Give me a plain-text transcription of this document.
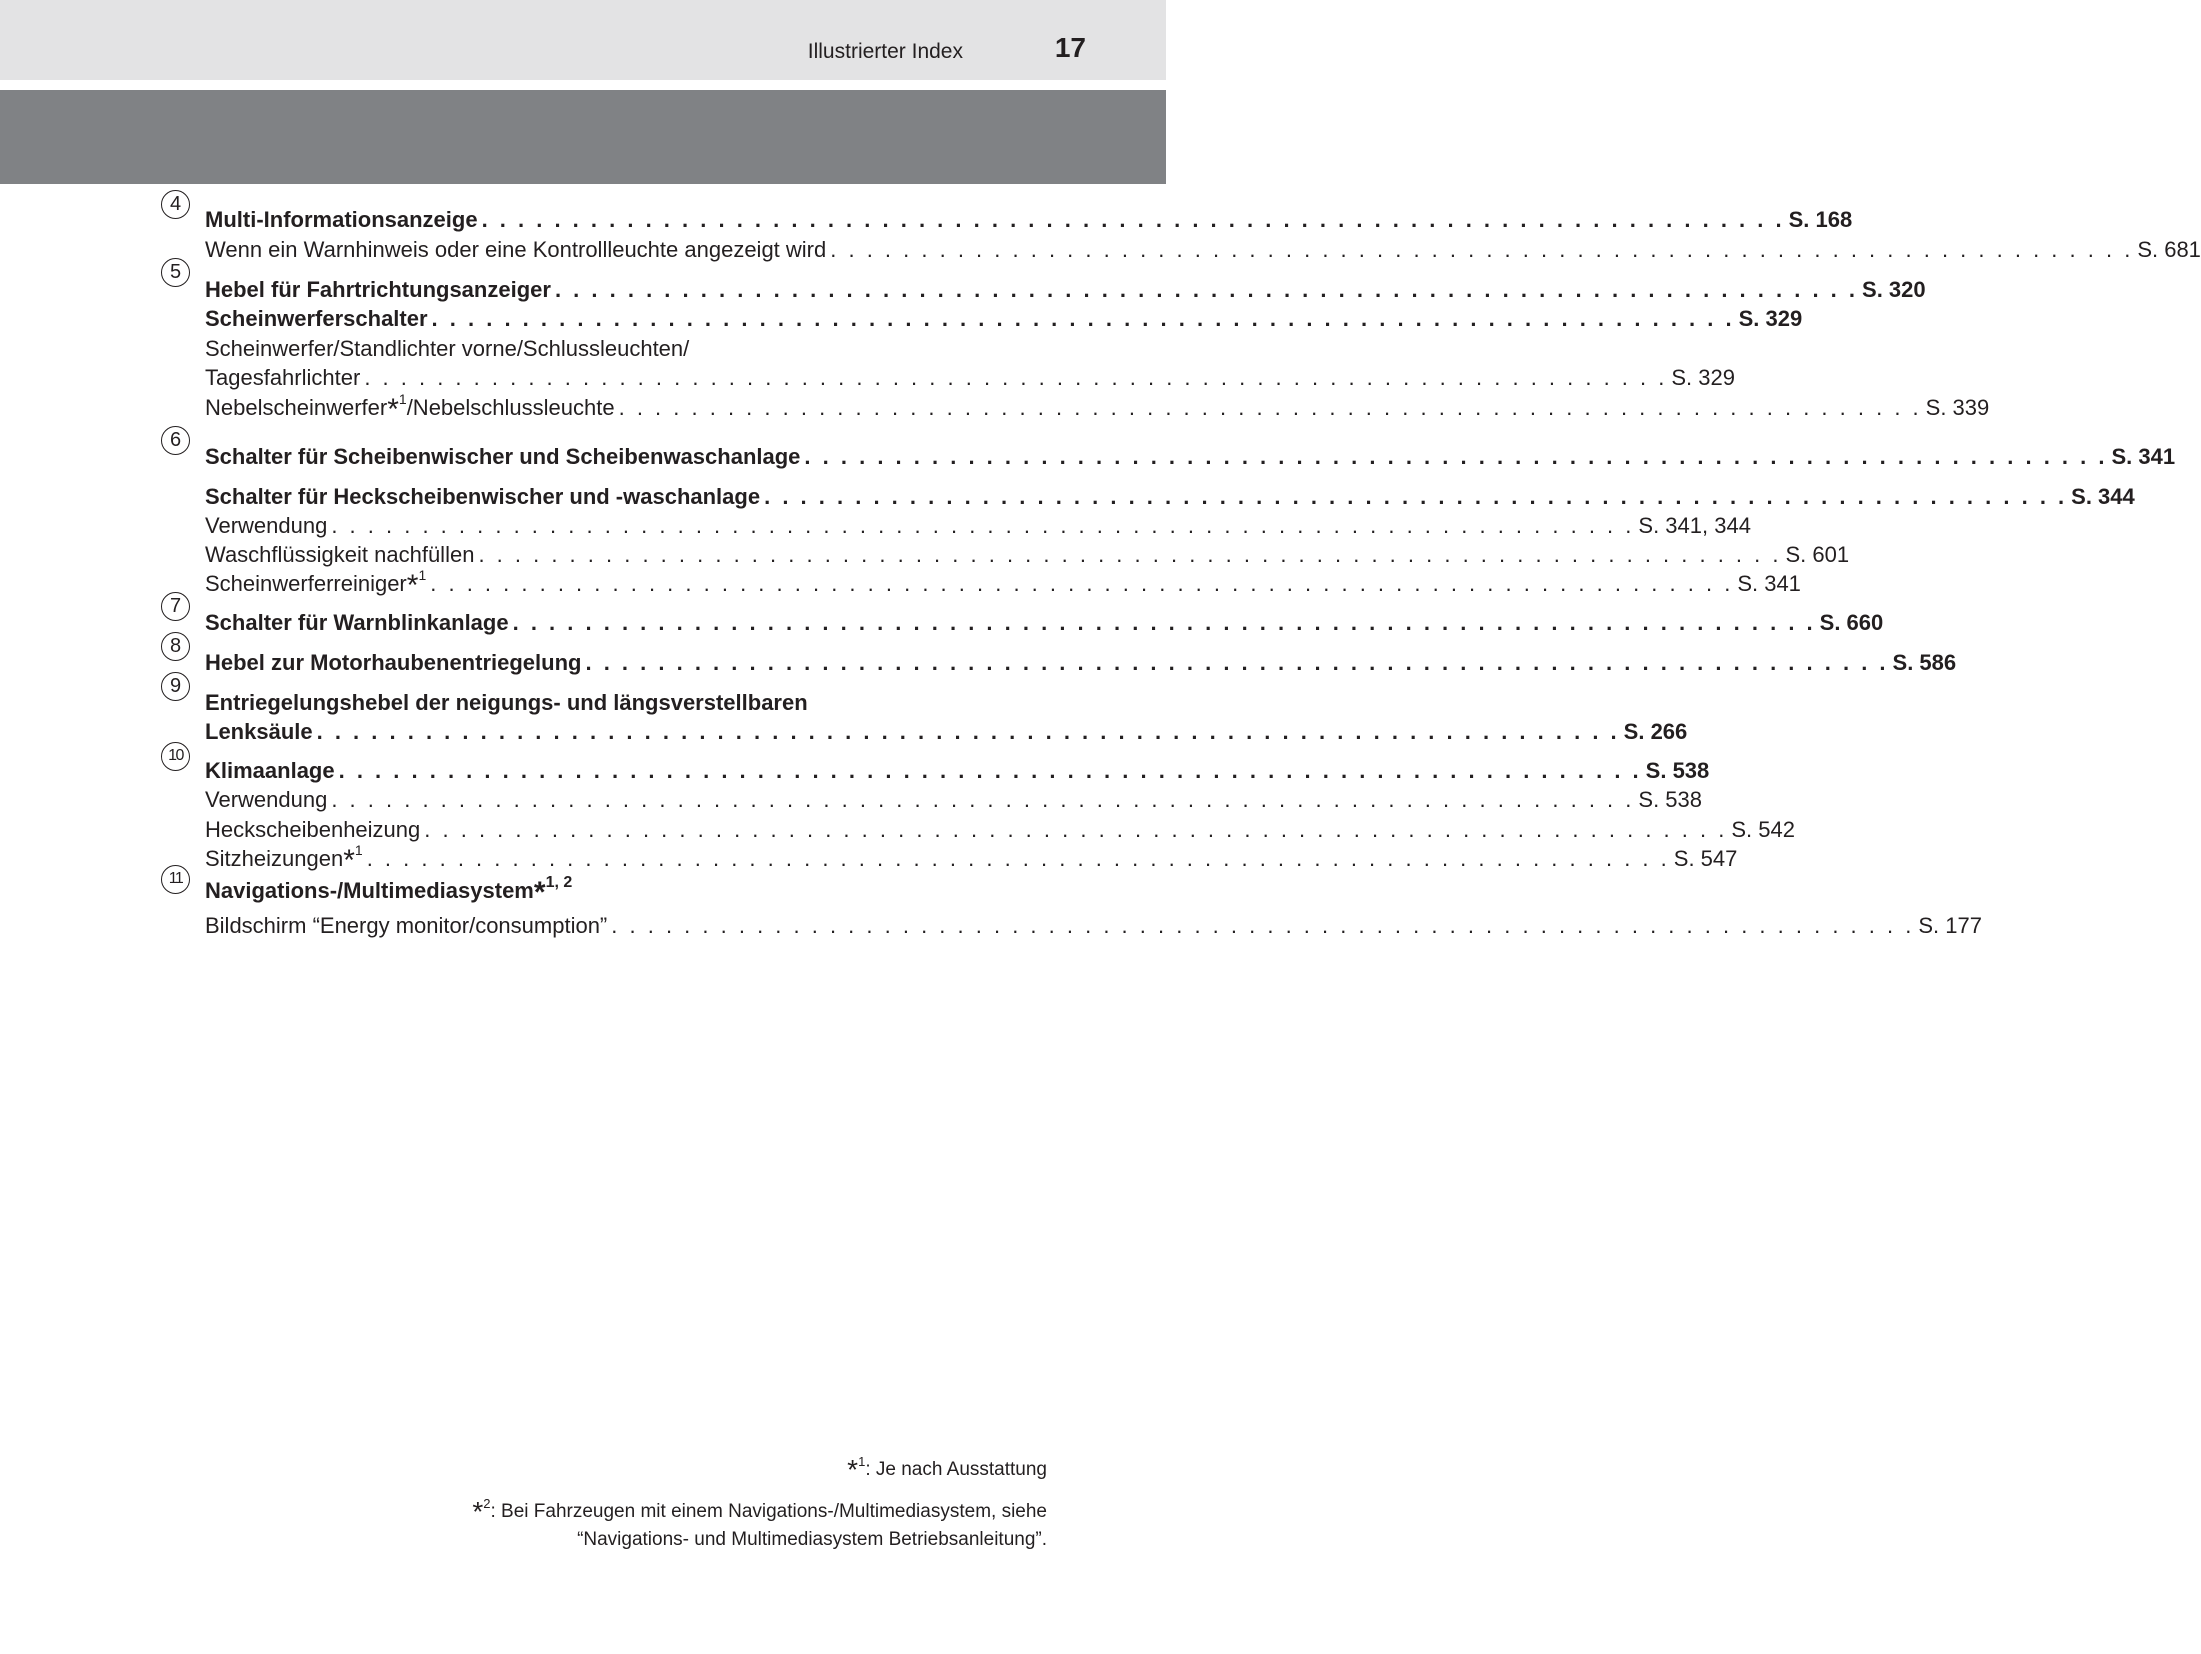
Illustrierter Index	17
4
Multi-Informationsanzeige . . . . . . . . . . . . . . . . . . . . . . . . . . . . . . . . . . . . . . . . . . . . . . . . . . . . . . . . . . . . . . . . . . . . . . . . S. 168
Wenn ein Warnhinweis oder eine Kontrollleuchte angezeigt wird . . . . . . . . . . . . . . . . . . . . . . . . . . . . . . . . . . . . . . . . . . . . . . . . . . . . . . . . . . . . . . . . . . . . . . . . S. 681
5
Hebel für Fahrtrichtungsanzeiger . . . . . . . . . . . . . . . . . . . . . . . . . . . . . . . . . . . . . . . . . . . . . . . . . . . . . . . . . . . . . . . . . . . . . . . . S. 320
Scheinwerferschalter . . . . . . . . . . . . . . . . . . . . . . . . . . . . . . . . . . . . . . . . . . . . . . . . . . . . . . . . . . . . . . . . . . . . . . . . S. 329
Scheinwerfer/Standlichter vorne/Schlussleuchten/
Tagesfahrlichter . . . . . . . . . . . . . . . . . . . . . . . . . . . . . . . . . . . . . . . . . . . . . . . . . . . . . . . . . . . . . . . . . . . . . . . . S. 329
Nebelscheinwerfer*$^1$/Nebelschlussleuchte . . . . . . . . . . . . . . . . . . . . . . . . . . . . . . . . . . . . . . . . . . . . . . . . . . . . . . . . . . . . . . . . . . . . . . . . S. 339
6
Schalter für Scheibenwischer und Scheibenwaschanlage . . . . . . . . . . . . . . . . . . . . . . . . . . . . . . . . . . . . . . . . . . . . . . . . . . . . . . . . . . . . . . . . . . . . . . . . S. 341
Schalter für Heckscheibenwischer und -waschanlage . . . . . . . . . . . . . . . . . . . . . . . . . . . . . . . . . . . . . . . . . . . . . . . . . . . . . . . . . . . . . . . . . . . . . . . . S. 344
Verwendung . . . . . . . . . . . . . . . . . . . . . . . . . . . . . . . . . . . . . . . . . . . . . . . . . . . . . . . . . . . . . . . . . . . . . . . . S. 341, 344
Waschflüssigkeit nachfüllen . . . . . . . . . . . . . . . . . . . . . . . . . . . . . . . . . . . . . . . . . . . . . . . . . . . . . . . . . . . . . . . . . . . . . . . . S. 601
Scheinwerferreiniger*$^1$ . . . . . . . . . . . . . . . . . . . . . . . . . . . . . . . . . . . . . . . . . . . . . . . . . . . . . . . . . . . . . . . . . . . . . . . . S. 341
7
Schalter für Warnblinkanlage . . . . . . . . . . . . . . . . . . . . . . . . . . . . . . . . . . . . . . . . . . . . . . . . . . . . . . . . . . . . . . . . . . . . . . . . S. 660
8
Hebel zur Motorhaubenentriegelung . . . . . . . . . . . . . . . . . . . . . . . . . . . . . . . . . . . . . . . . . . . . . . . . . . . . . . . . . . . . . . . . . . . . . . . . S. 586
9
Entriegelungshebel der neigungs- und längsverstellbaren
Lenksäule . . . . . . . . . . . . . . . . . . . . . . . . . . . . . . . . . . . . . . . . . . . . . . . . . . . . . . . . . . . . . . . . . . . . . . . . S. 266
10
Klimaanlage . . . . . . . . . . . . . . . . . . . . . . . . . . . . . . . . . . . . . . . . . . . . . . . . . . . . . . . . . . . . . . . . . . . . . . . . S. 538
Verwendung . . . . . . . . . . . . . . . . . . . . . . . . . . . . . . . . . . . . . . . . . . . . . . . . . . . . . . . . . . . . . . . . . . . . . . . . S. 538
Heckscheibenheizung . . . . . . . . . . . . . . . . . . . . . . . . . . . . . . . . . . . . . . . . . . . . . . . . . . . . . . . . . . . . . . . . . . . . . . . . S. 542
Sitzheizungen*$^1$ . . . . . . . . . . . . . . . . . . . . . . . . . . . . . . . . . . . . . . . . . . . . . . . . . . . . . . . . . . . . . . . . . . . . . . . . S. 547
11	Navigations-/Multimediasystem*$^{1, 2}$
Bildschirm “Energy monitor/consumption” . . . . . . . . . . . . . . . . . . . . . . . . . . . . . . . . . . . . . . . . . . . . . . . . . . . . . . . . . . . . . . . . . . . . . . . . S. 177
*$^1$: Je nach Ausstattung
*$^2$: Bei Fahrzeugen mit einem Navigations-/Multimediasystem, siehe
“Navigations- und Multimediasystem Betriebsanleitung”.
